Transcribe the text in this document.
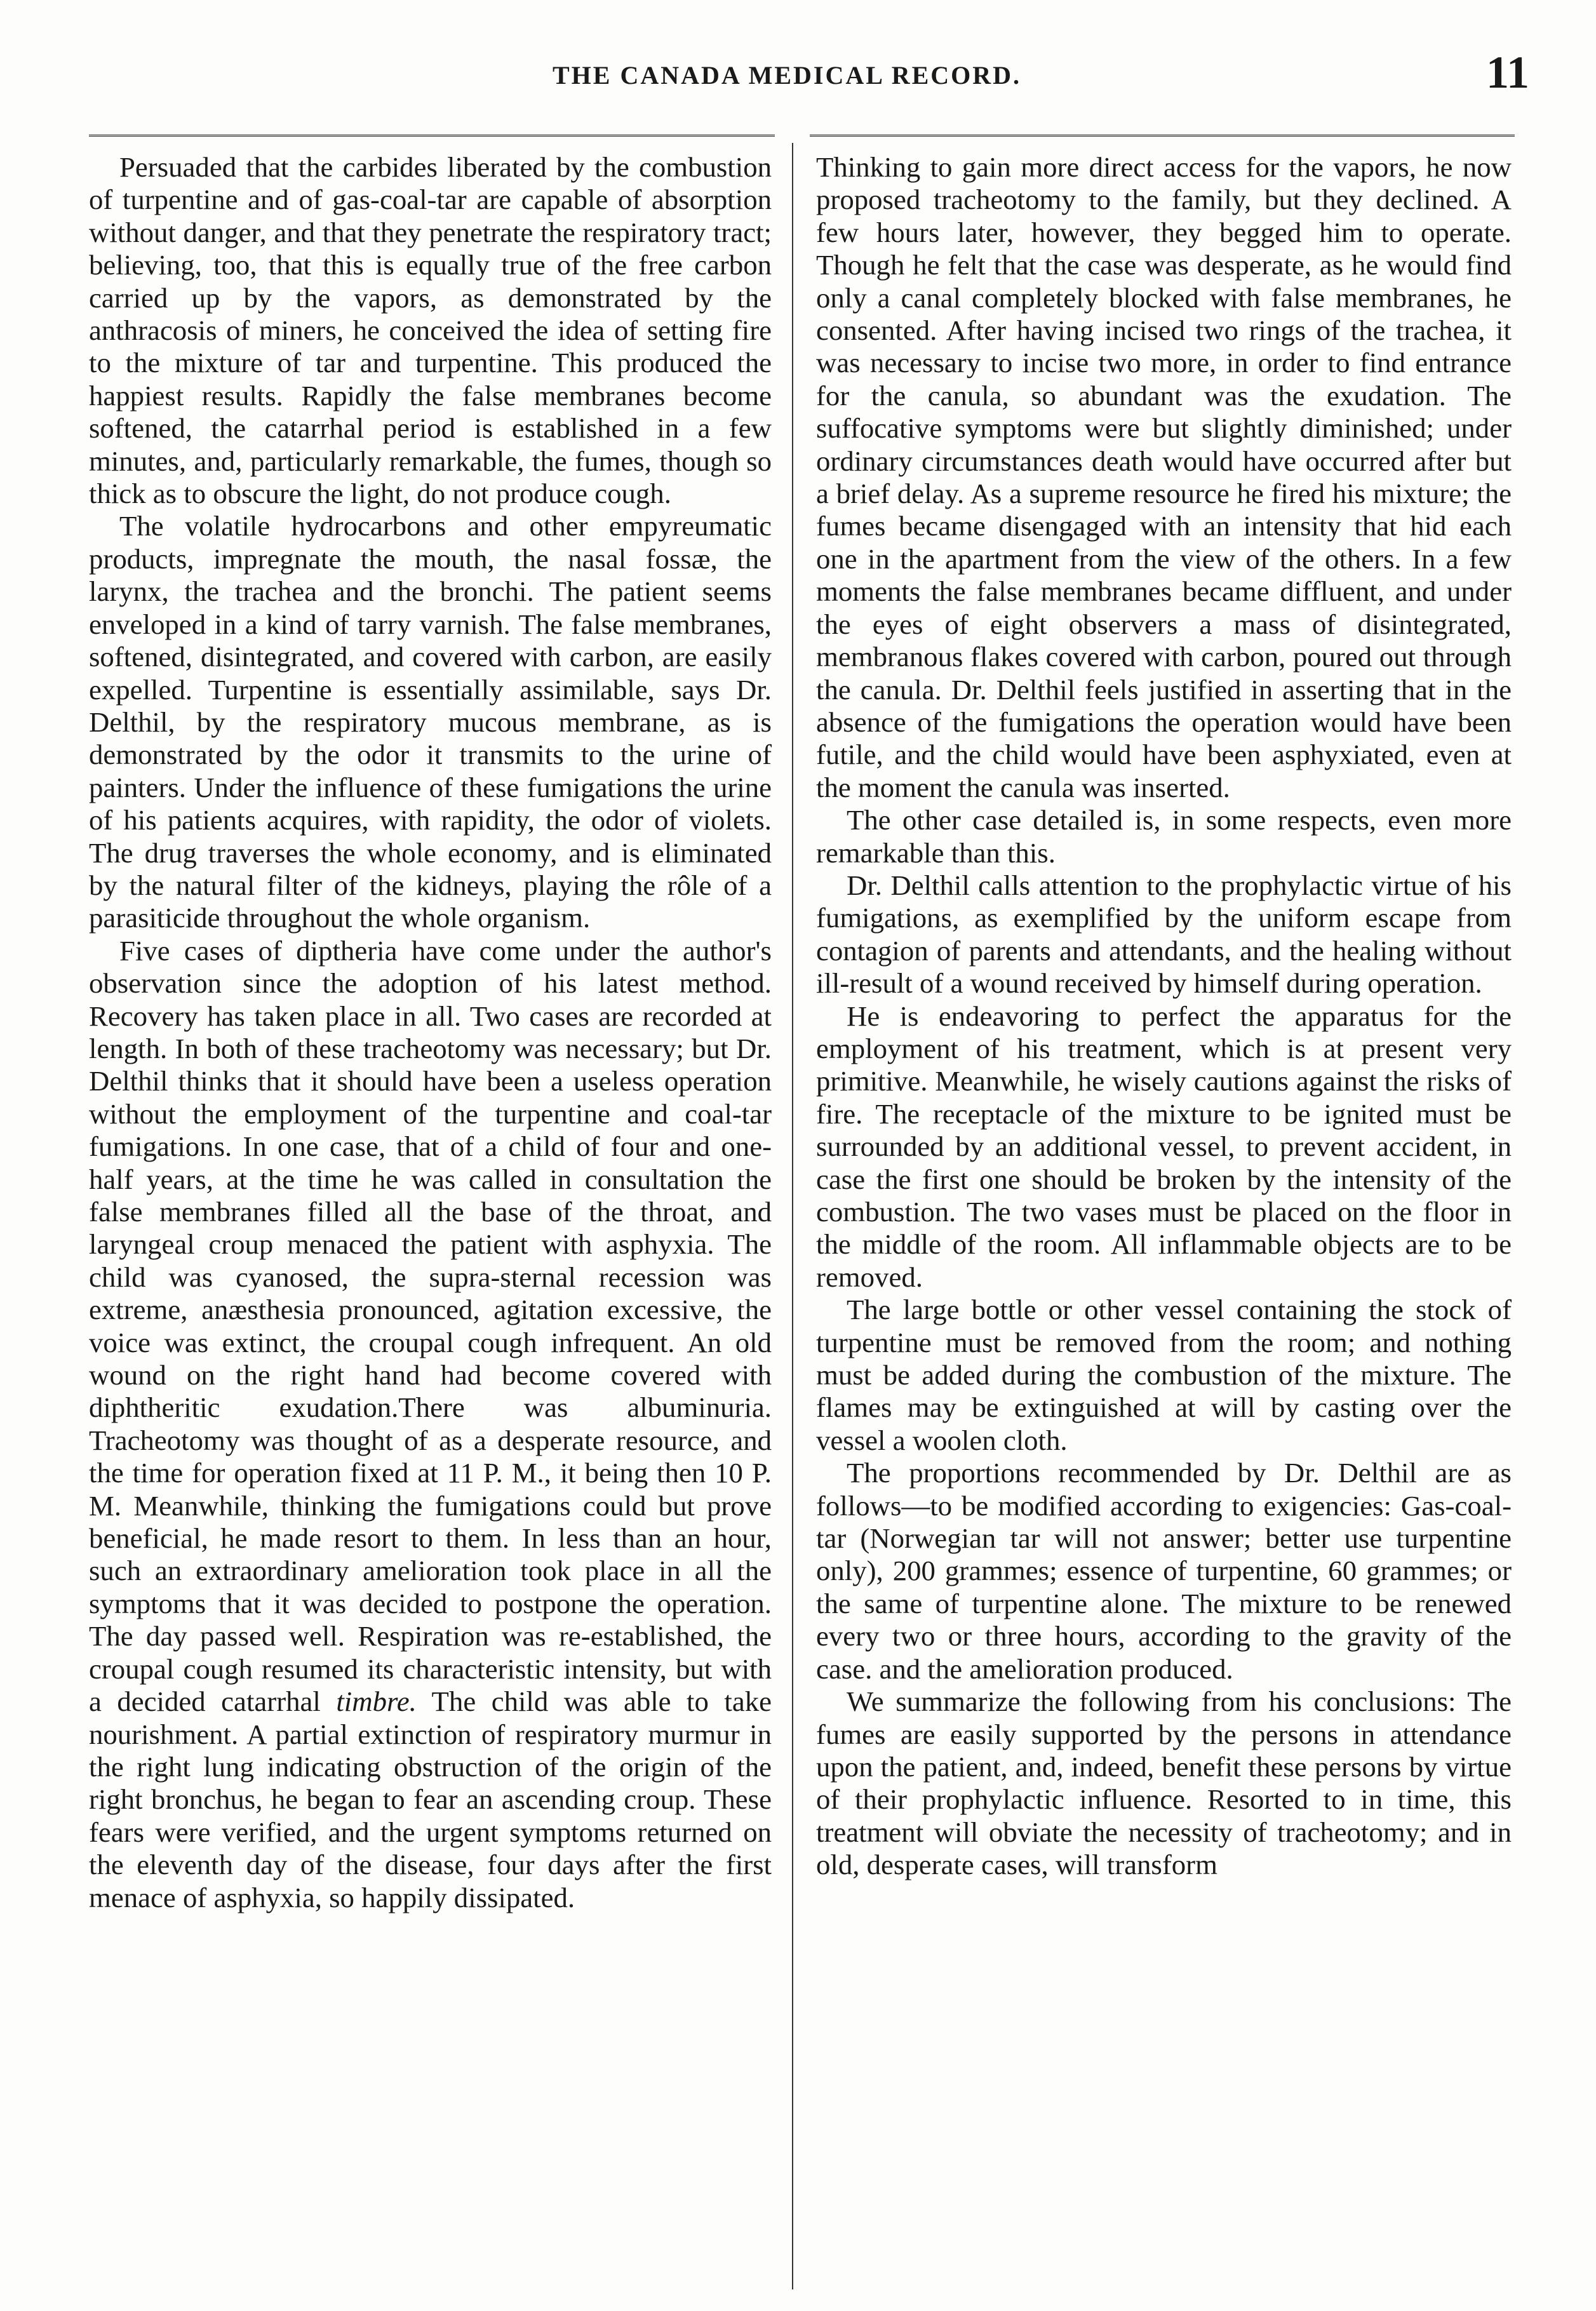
THE CANADA MEDICAL RECORD.	11

Persuaded that the carbides liberated by the combustion of turpentine and of gas-coal-tar are capable of absorption without danger, and that they penetrate the respiratory tract; believing, too, that this is equally true of the free carbon carried up by the vapors, as demonstrated by the anthracosis of miners, he conceived the idea of setting fire to the mixture of tar and turpentine. This produced the happiest results. Rapidly the false membranes become softened, the catarrhal period is established in a few minutes, and, particularly remarkable, the fumes, though so thick as to obscure the light, do not produce cough.

The volatile hydrocarbons and other empyreumatic products, impregnate the mouth, the nasal fossæ, the larynx, the trachea and the bronchi. The patient seems enveloped in a kind of tarry varnish. The false membranes, softened, disintegrated, and covered with carbon, are easily expelled. Turpentine is essentially assimilable, says Dr. Delthil, by the respiratory mucous membrane, as is demonstrated by the odor it transmits to the urine of painters. Under the influence of these fumigations the urine of his patients acquires, with rapidity, the odor of violets. The drug traverses the whole economy, and is eliminated by the natural filter of the kidneys, playing the rôle of a parasiticide throughout the whole organism.

Five cases of diptheria have come under the author's observation since the adoption of his latest method. Recovery has taken place in all. Two cases are recorded at length. In both of these tracheotomy was necessary; but Dr. Delthil thinks that it should have been a useless operation without the employment of the turpentine and coal-tar fumigations. In one case, that of a child of four and one-half years, at the time he was called in consultation the false membranes filled all the base of the throat, and laryngeal croup menaced the patient with asphyxia. The child was cyanosed, the supra-sternal recession was extreme, anæsthesia pronounced, agitation excessive, the voice was extinct, the croupal cough infrequent. An old wound on the right hand had become covered with diphtheritic exudation.There was albuminuria. Tracheotomy was thought of as a desperate resource, and the time for operation fixed at 11 P. M., it being then 10 P. M. Meanwhile, thinking the fumigations could but prove beneficial, he made resort to them. In less than an hour, such an extraordinary amelioration took place in all the symptoms that it was decided to postpone the operation. The day passed well. Respiration was re-established, the croupal cough resumed its characteristic intensity, but with a decided catarrhal timbre. The child was able to take nourishment. A partial extinction of respiratory murmur in the right lung indicating obstruction of the origin of the right bronchus, he began to fear an ascending croup. These fears were verified, and the urgent symptoms returned on the eleventh day of the disease, four days after the first menace of asphyxia, so happily dissipated.

Thinking to gain more direct access for the vapors, he now proposed tracheotomy to the family, but they declined. A few hours later, however, they begged him to operate. Though he felt that the case was desperate, as he would find only a canal completely blocked with false membranes, he consented. After having incised two rings of the trachea, it was necessary to incise two more, in order to find entrance for the canula, so abundant was the exudation. The suffocative symptoms were but slightly diminished; under ordinary circumstances death would have occurred after but a brief delay. As a supreme resource he fired his mixture; the fumes became disengaged with an intensity that hid each one in the apartment from the view of the others. In a few moments the false membranes became diffluent, and under the eyes of eight observers a mass of disintegrated, membranous flakes covered with carbon, poured out through the canula. Dr. Delthil feels justified in asserting that in the absence of the fumigations the operation would have been futile, and the child would have been asphyxiated, even at the moment the canula was inserted.

The other case detailed is, in some respects, even more remarkable than this.

Dr. Delthil calls attention to the prophylactic virtue of his fumigations, as exemplified by the uniform escape from contagion of parents and attendants, and the healing without ill-result of a wound received by himself during operation.

He is endeavoring to perfect the apparatus for the employment of his treatment, which is at present very primitive. Meanwhile, he wisely cautions against the risks of fire. The receptacle of the mixture to be ignited must be surrounded by an additional vessel, to prevent accident, in case the first one should be broken by the intensity of the combustion. The two vases must be placed on the floor in the middle of the room. All inflammable objects are to be removed.

The large bottle or other vessel containing the stock of turpentine must be removed from the room; and nothing must be added during the combustion of the mixture. The flames may be extinguished at will by casting over the vessel a woolen cloth.

The proportions recommended by Dr. Delthil are as follows—to be modified according to exigencies: Gas-coal-tar (Norwegian tar will not answer; better use turpentine only), 200 grammes; essence of turpentine, 60 grammes; or the same of turpentine alone. The mixture to be renewed every two or three hours, according to the gravity of the case. and the amelioration produced.

We summarize the following from his conclusions: The fumes are easily supported by the persons in attendance upon the patient, and, indeed, benefit these persons by virtue of their prophylactic influence. Resorted to in time, this treatment will obviate the necessity of tracheotomy; and in old, desperate cases, will transform
